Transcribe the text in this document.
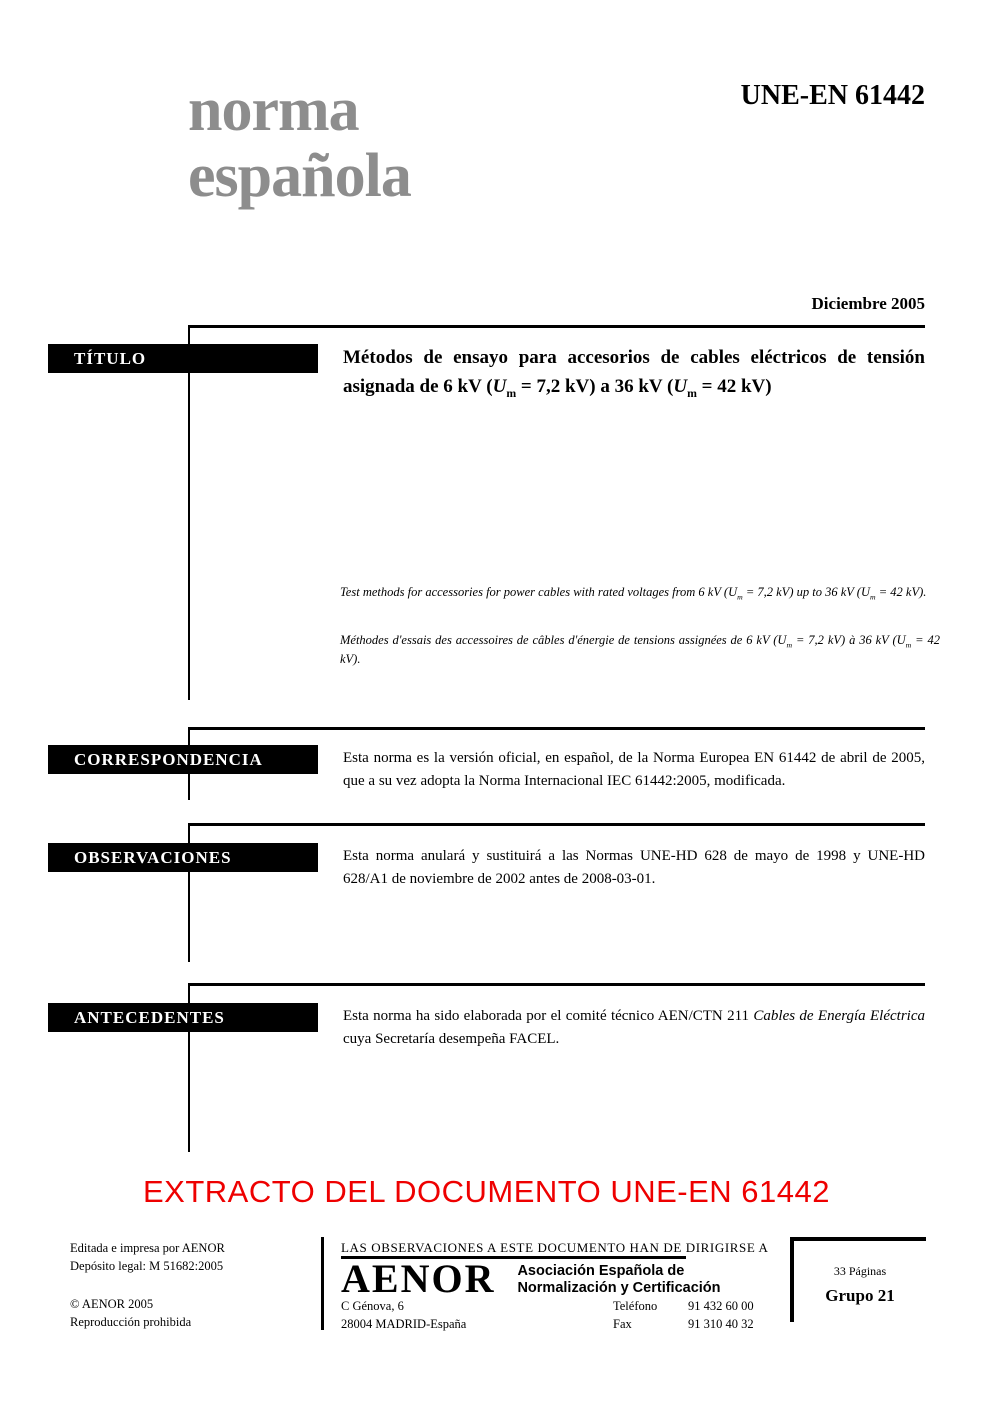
norma
española
UNE-EN 61442
Diciembre 2005
TÍTULO	Métodos de ensayo para accesorios de cables eléctricos de tensión asignada de 6 kV ($U_m = 7,2$ kV) a 36 kV ($U_m = 42$ kV)
Test methods for accessories for power cables with rated voltages from 6 kV ($U_m = 7,2$ kV) up to 36 kV ($U_m = 42$ kV).
Méthodes d'essais des accessoires de câbles d'énergie de tensions assignées de 6 kV ($U_m = 7,2$ kV) à 36 kV ($U_m = 42$ kV).
CORRESPONDENCIA	Esta norma es la versión oficial, en español, de la Norma Europea EN 61442 de abril de 2005, que a su vez adopta la Norma Internacional IEC 61442:2005, modificada.
OBSERVACIONES	Esta norma anulará y sustituirá a las Normas UNE-HD 628 de mayo de 1998 y UNE-HD 628/A1 de noviembre de 2002 antes de 2008-03-01.
ANTECEDENTES	Esta norma ha sido elaborada por el comité técnico AEN/CTN 211 Cables de Energía Eléctrica cuya Secretaría desempeña FACEL.
EXTRACTO DEL DOCUMENTO UNE-EN 61442
Editada e impresa por AENOR
Depósito legal: M 51682:2005
© AENOR 2005
Reproducción prohibida
LAS OBSERVACIONES A ESTE DOCUMENTO HAN DE DIRIGIRSE A
AENOR Asociación Española de
Normalización y Certificación
C Génova, 6
28004 MADRID-España
Teléfono 91 432 60 00
Fax	91 310 40 32
33 Páginas
Grupo 21
